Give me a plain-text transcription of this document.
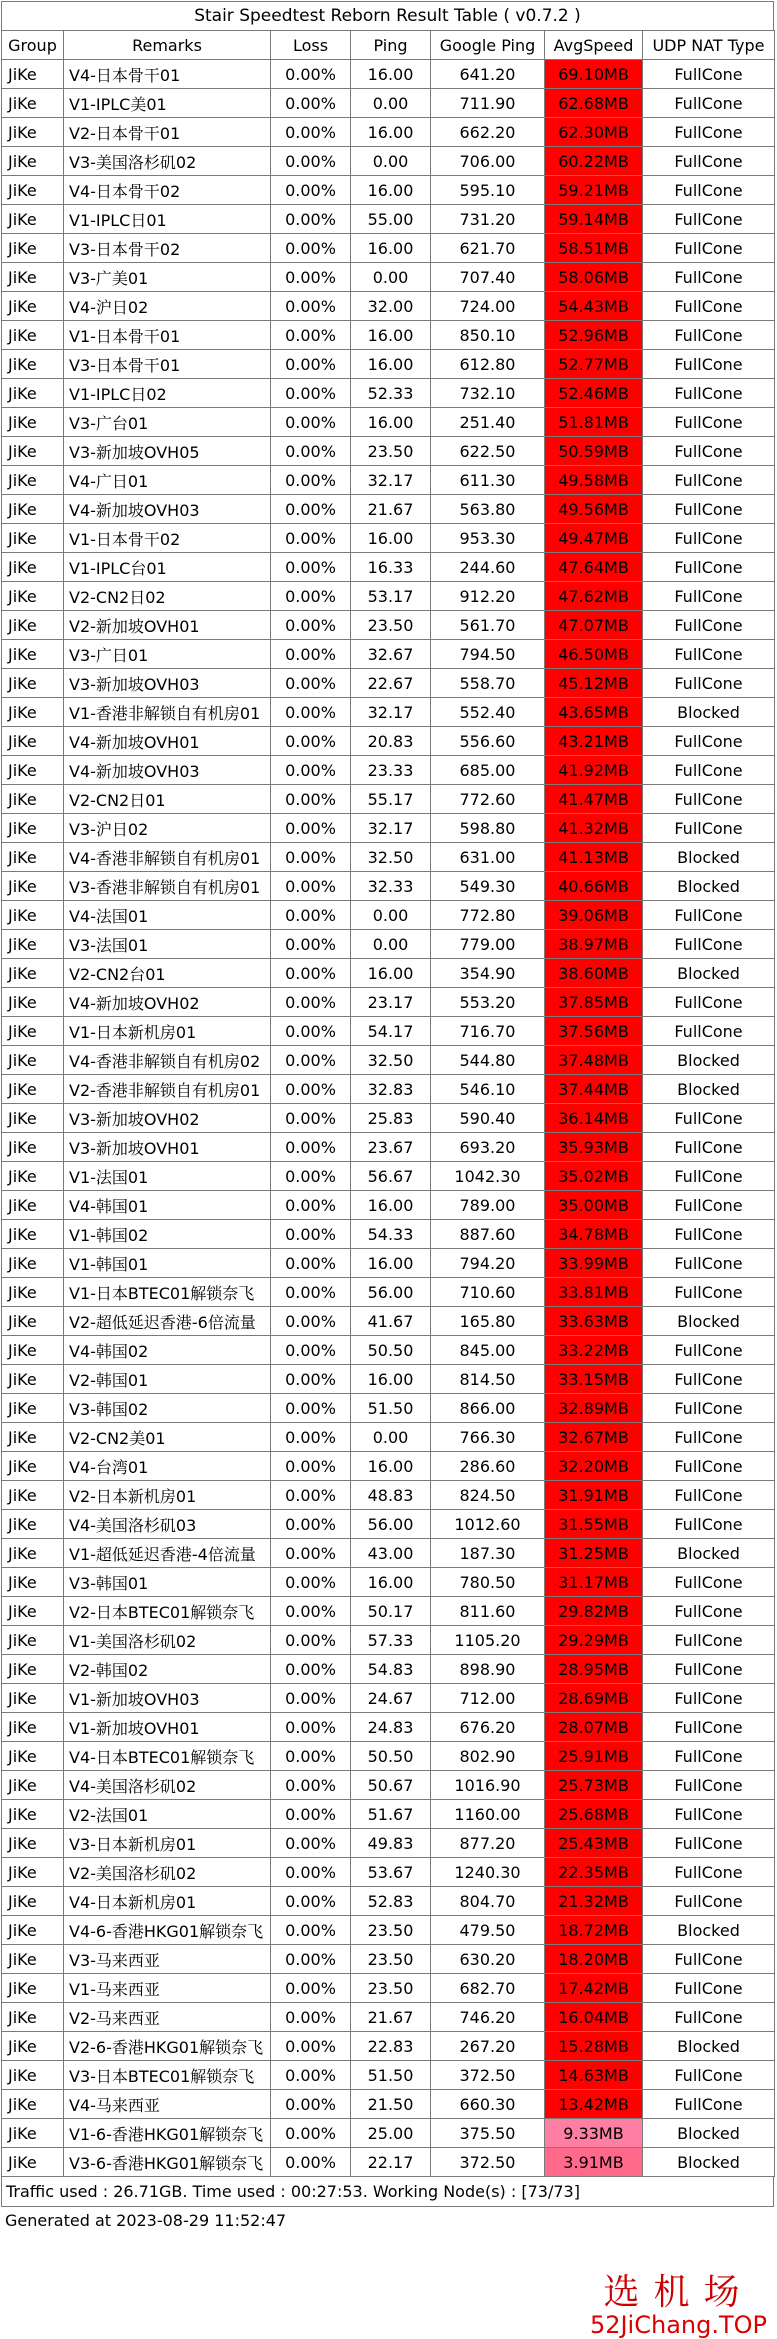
Stair Speedtest Reborn Result Table ( v0.7.2 )
Group	Remarks	Loss	Ping	Google Ping	AvgSpeed	UDP NAT Type
JiKe	V4-日本骨干01	0.00%	16.00	641.20	69.10MB	FullCone
JiKe	V1-IPLC美01	0.00%	0.00	711.90	62.68MB	FullCone
JiKe	V2-日本骨干01	0.00%	16.00	662.20	62.30MB	FullCone
JiKe	V3-美国洛杉矶02	0.00%	0.00	706.00	60.22MB	FullCone
JiKe	V4-日本骨干02	0.00%	16.00	595.10	59.21MB	FullCone
JiKe	V1-IPLC日01	0.00%	55.00	731.20	59.14MB	FullCone
JiKe	V3-日本骨干02	0.00%	16.00	621.70	58.51MB	FullCone
JiKe	V3-广美01	0.00%	0.00	707.40	58.06MB	FullCone
JiKe	V4-沪日02	0.00%	32.00	724.00	54.43MB	FullCone
JiKe	V1-日本骨干01	0.00%	16.00	850.10	52.96MB	FullCone
JiKe	V3-日本骨干01	0.00%	16.00	612.80	52.77MB	FullCone
JiKe	V1-IPLC日02	0.00%	52.33	732.10	52.46MB	FullCone
JiKe	V3-广台01	0.00%	16.00	251.40	51.81MB	FullCone
JiKe	V3-新加坡OVH05	0.00%	23.50	622.50	50.59MB	FullCone
JiKe	V4-广日01	0.00%	32.17	611.30	49.58MB	FullCone
JiKe	V4-新加坡OVH03	0.00%	21.67	563.80	49.56MB	FullCone
JiKe	V1-日本骨干02	0.00%	16.00	953.30	49.47MB	FullCone
JiKe	V1-IPLC台01	0.00%	16.33	244.60	47.64MB	FullCone
JiKe	V2-CN2日02	0.00%	53.17	912.20	47.62MB	FullCone
JiKe	V2-新加坡OVH01	0.00%	23.50	561.70	47.07MB	FullCone
JiKe	V3-广日01	0.00%	32.67	794.50	46.50MB	FullCone
JiKe	V3-新加坡OVH03	0.00%	22.67	558.70	45.12MB	FullCone
JiKe	V1-香港非解锁自有机房01	0.00%	32.17	552.40	43.65MB	Blocked
JiKe	V4-新加坡OVH01	0.00%	20.83	556.60	43.21MB	FullCone
JiKe	V4-新加坡OVH03	0.00%	23.33	685.00	41.92MB	FullCone
JiKe	V2-CN2日01	0.00%	55.17	772.60	41.47MB	FullCone
JiKe	V3-沪日02	0.00%	32.17	598.80	41.32MB	FullCone
JiKe	V4-香港非解锁自有机房01	0.00%	32.50	631.00	41.13MB	Blocked
JiKe	V3-香港非解锁自有机房01	0.00%	32.33	549.30	40.66MB	Blocked
JiKe	V4-法国01	0.00%	0.00	772.80	39.06MB	FullCone
JiKe	V3-法国01	0.00%	0.00	779.00	38.97MB	FullCone
JiKe	V2-CN2台01	0.00%	16.00	354.90	38.60MB	Blocked
JiKe	V4-新加坡OVH02	0.00%	23.17	553.20	37.85MB	FullCone
JiKe	V1-日本新机房01	0.00%	54.17	716.70	37.56MB	FullCone
JiKe	V4-香港非解锁自有机房02	0.00%	32.50	544.80	37.48MB	Blocked
JiKe	V2-香港非解锁自有机房01	0.00%	32.83	546.10	37.44MB	Blocked
JiKe	V3-新加坡OVH02	0.00%	25.83	590.40	36.14MB	FullCone
JiKe	V3-新加坡OVH01	0.00%	23.67	693.20	35.93MB	FullCone
JiKe	V1-法国01	0.00%	56.67	1042.30	35.02MB	FullCone
JiKe	V4-韩国01	0.00%	16.00	789.00	35.00MB	FullCone
JiKe	V1-韩国02	0.00%	54.33	887.60	34.78MB	FullCone
JiKe	V1-韩国01	0.00%	16.00	794.20	33.99MB	FullCone
JiKe	V1-日本BTEC01解锁奈飞	0.00%	56.00	710.60	33.81MB	FullCone
JiKe	V2-超低延迟香港-6倍流量	0.00%	41.67	165.80	33.63MB	Blocked
JiKe	V4-韩国02	0.00%	50.50	845.00	33.22MB	FullCone
JiKe	V2-韩国01	0.00%	16.00	814.50	33.15MB	FullCone
JiKe	V3-韩国02	0.00%	51.50	866.00	32.89MB	FullCone
JiKe	V2-CN2美01	0.00%	0.00	766.30	32.67MB	FullCone
JiKe	V4-台湾01	0.00%	16.00	286.60	32.20MB	FullCone
JiKe	V2-日本新机房01	0.00%	48.83	824.50	31.91MB	FullCone
JiKe	V4-美国洛杉矶03	0.00%	56.00	1012.60	31.55MB	FullCone
JiKe	V1-超低延迟香港-4倍流量	0.00%	43.00	187.30	31.25MB	Blocked
JiKe	V3-韩国01	0.00%	16.00	780.50	31.17MB	FullCone
JiKe	V2-日本BTEC01解锁奈飞	0.00%	50.17	811.60	29.82MB	FullCone
JiKe	V1-美国洛杉矶02	0.00%	57.33	1105.20	29.29MB	FullCone
JiKe	V2-韩国02	0.00%	54.83	898.90	28.95MB	FullCone
JiKe	V1-新加坡OVH03	0.00%	24.67	712.00	28.69MB	FullCone
JiKe	V1-新加坡OVH01	0.00%	24.83	676.20	28.07MB	FullCone
JiKe	V4-日本BTEC01解锁奈飞	0.00%	50.50	802.90	25.91MB	FullCone
JiKe	V4-美国洛杉矶02	0.00%	50.67	1016.90	25.73MB	FullCone
JiKe	V2-法国01	0.00%	51.67	1160.00	25.68MB	FullCone
JiKe	V3-日本新机房01	0.00%	49.83	877.20	25.43MB	FullCone
JiKe	V2-美国洛杉矶02	0.00%	53.67	1240.30	22.35MB	FullCone
JiKe	V4-日本新机房01	0.00%	52.83	804.70	21.32MB	FullCone
JiKe	V4-6-香港HKG01解锁奈飞	0.00%	23.50	479.50	18.72MB	Blocked
JiKe	V3-马来西亚	0.00%	23.50	630.20	18.20MB	FullCone
JiKe	V1-马来西亚	0.00%	23.50	682.70	17.42MB	FullCone
JiKe	V2-马来西亚	0.00%	21.67	746.20	16.04MB	FullCone
JiKe	V2-6-香港HKG01解锁奈飞	0.00%	22.83	267.20	15.28MB	Blocked
JiKe	V3-日本BTEC01解锁奈飞	0.00%	51.50	372.50	14.63MB	FullCone
JiKe	V4-马来西亚	0.00%	21.50	660.30	13.42MB	FullCone
JiKe	V1-6-香港HKG01解锁奈飞	0.00%	25.00	375.50	9.33MB	Blocked
JiKe	V3-6-香港HKG01解锁奈飞	0.00%	22.17	372.50	3.91MB	Blocked
Traffic used : 26.71GB. Time used : 00:27:53. Working Node(s) : [73/73]
Generated at 2023-08-29 11:52:47
选机场
52JiChang.TOP
